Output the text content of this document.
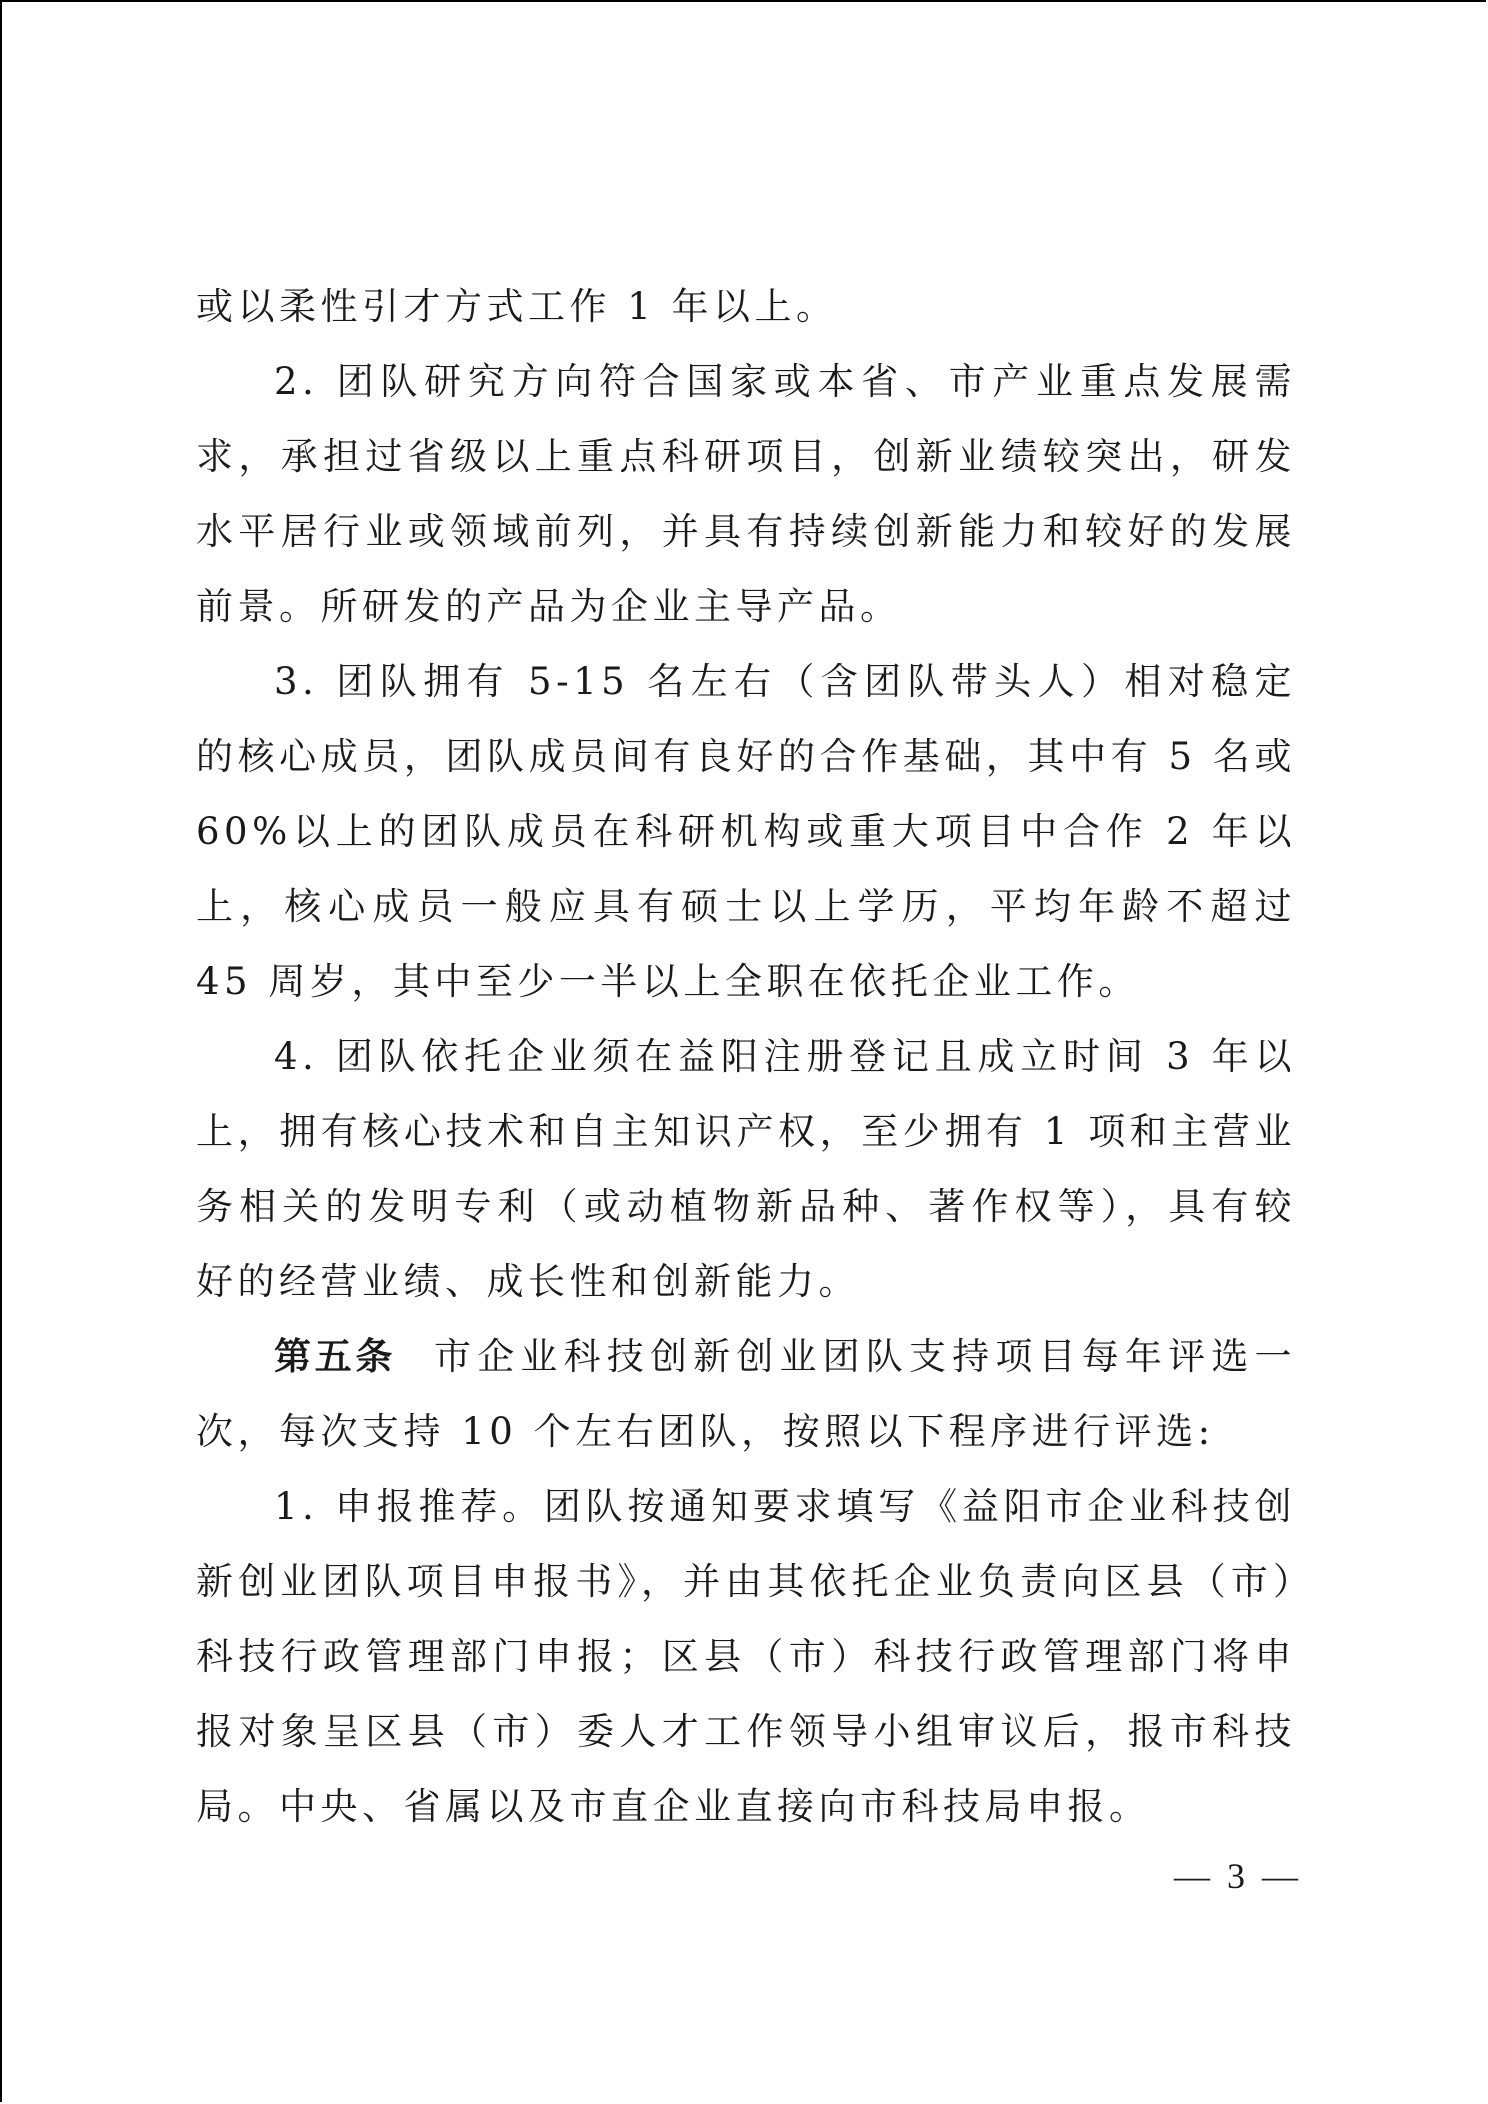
或以柔性引才方式工作 1 年以上。

2. 团队研究方向符合国家或本省、市产业重点发展需求，承担过省级以上重点科研项目，创新业绩较突出，研发水平居行业或领域前列，并具有持续创新能力和较好的发展前景。所研发的产品为企业主导产品。

3. 团队拥有 5-15 名左右（含团队带头人）相对稳定的核心成员，团队成员间有良好的合作基础，其中有 5 名或 60%以上的团队成员在科研机构或重大项目中合作 2 年以上，核心成员一般应具有硕士以上学历，平均年龄不超过 45 周岁，其中至少一半以上全职在依托企业工作。

4. 团队依托企业须在益阳注册登记且成立时间 3 年以上，拥有核心技术和自主知识产权，至少拥有 1 项和主营业务相关的发明专利（或动植物新品种、著作权等），具有较好的经营业绩、成长性和创新能力。

第五条 市企业科技创新创业团队支持项目每年评选一次，每次支持 10 个左右团队，按照以下程序进行评选:

1. 申报推荐。团队按通知要求填写《益阳市企业科技创新创业团队项目申报书》，并由其依托企业负责向区县（市）科技行政管理部门申报；区县（市）科技行政管理部门将申报对象呈区县（市）委人才工作领导小组审议后，报市科技局。中央、省属以及市直企业直接向市科技局申报。

— 3 —
